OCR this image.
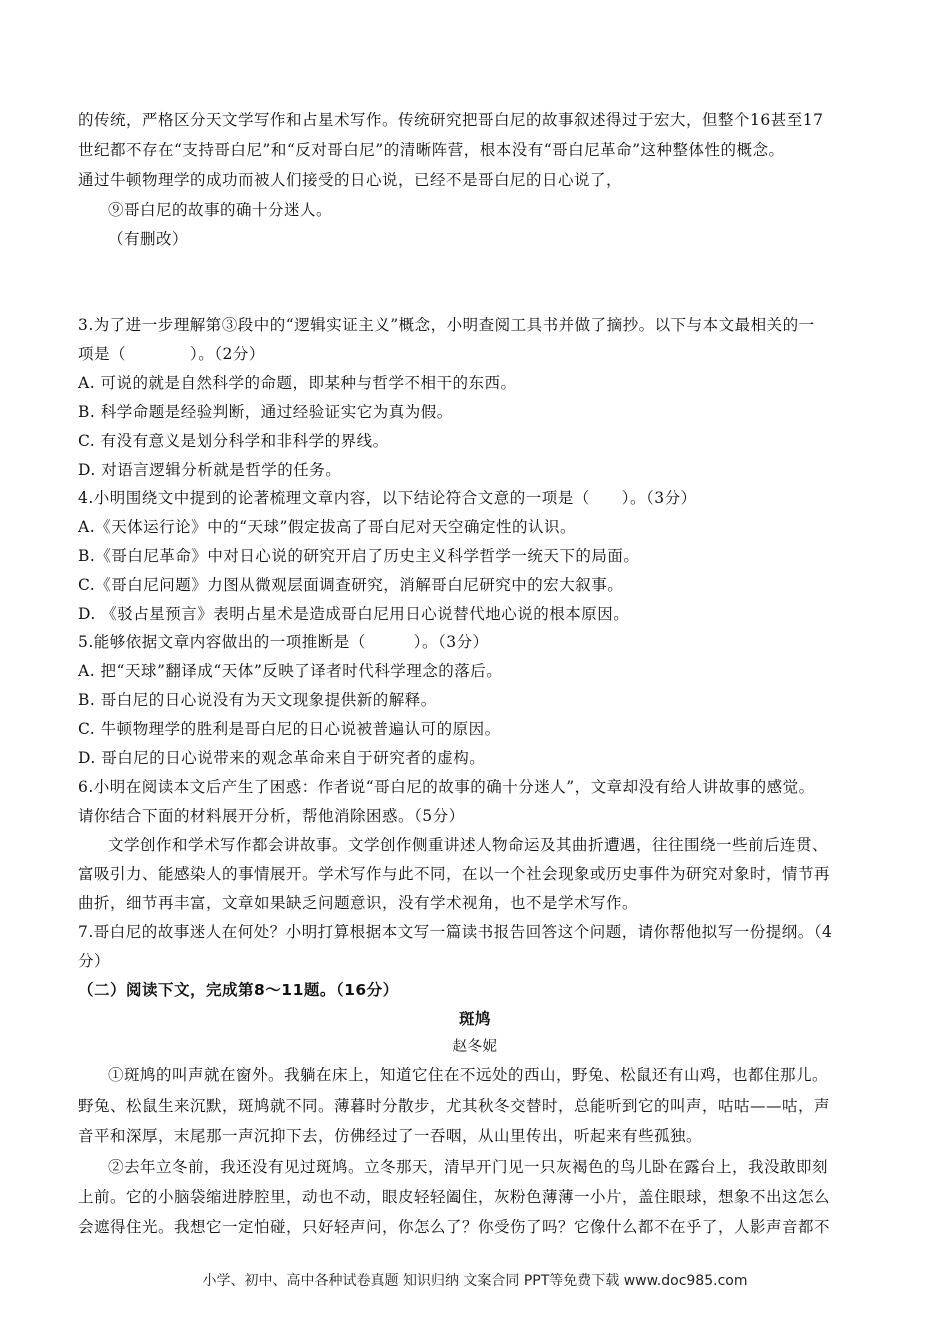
的传统，严格区分天文学写作和占星术写作。传统研究把哥白尼的故事叙述得过于宏大，但整个16甚至17
世纪都不存在“支持哥白尼”和“反对哥白尼”的清晰阵营，根本没有“哥白尼革命”这种整体性的概念。
通过牛顿物理学的成功而被人们接受的日心说，已经不是哥白尼的日心说了，
⑨哥白尼的故事的确十分迷人。
（有删改）
3.为了进一步理解第③段中的“逻辑实证主义”概念，小明查阅工具书并做了摘抄。以下与本文最相关的一
项是（　　　　）。（2分）
A. 可说的就是自然科学的命题，即某种与哲学不相干的东西。
B. 科学命题是经验判断，通过经验证实它为真为假。
C. 有没有意义是划分科学和非科学的界线。
D. 对语言逻辑分析就是哲学的任务。
4.小明围绕文中提到的论著梳理文章内容，以下结论符合文意的一项是（　　）。（3分）
A.《天体运行论》中的“天球”假定拔高了哥白尼对天空确定性的认识。
B.《哥白尼革命》中对日心说的研究开启了历史主义科学哲学一统天下的局面。
C.《哥白尼问题》力图从微观层面调查研究，消解哥白尼研究中的宏大叙事。
D. 《驳占星预言》表明占星术是造成哥白尼用日心说替代地心说的根本原因。
5.能够依据文章内容做出的一项推断是（　　　）。（3分）
A. 把“天球”翻译成“天体”反映了译者时代科学理念的落后。
B. 哥白尼的日心说没有为天文现象提供新的解释。
C. 牛顿物理学的胜利是哥白尼的日心说被普遍认可的原因。
D. 哥白尼的日心说带来的观念革命来自于研究者的虚构。
6.小明在阅读本文后产生了困惑：作者说“哥白尼的故事的确十分迷人”，文章却没有给人讲故事的感觉。
请你结合下面的材料展开分析，帮他消除困惑。（5分）
文学创作和学术写作都会讲故事。文学创作侧重讲述人物命运及其曲折遭遇，往往围绕一些前后连贯、
富吸引力、能感染人的事情展开。学术写作与此不同，在以一个社会现象或历史事件为研究对象时，情节再
曲折，细节再丰富，文章如果缺乏问题意识，没有学术视角，也不是学术写作。
7.哥白尼的故事迷人在何处？小明打算根据本文写一篇读书报告回答这个问题，请你帮他拟写一份提纲。（4
分）
（二）阅读下文，完成第8～11题。（16分）
斑鸠
赵冬妮
①斑鸠的叫声就在窗外。我躺在床上，知道它住在不远处的西山，野兔、松鼠还有山鸡，也都住那儿。
野兔、松鼠生来沉默，斑鸠就不同。薄暮时分散步，尤其秋冬交替时，总能听到它的叫声，咕咕——咕，声
音平和深厚，末尾那一声沉抑下去，仿佛经过了一吞咽，从山里传出，听起来有些孤独。
②去年立冬前，我还没有见过斑鸠。立冬那天，清早开门见一只灰褐色的鸟儿卧在露台上，我没敢即刻
上前。它的小脑袋缩进脖腔里，动也不动，眼皮轻轻阖住，灰粉色薄薄一小片，盖住眼球，想象不出这怎么
会遮得住光。我想它一定怕碰，只好轻声问，你怎么了？你受伤了吗？它像什么都不在乎了，人影声音都不
小学、初中、高中各种试卷真题 知识归纳 文案合同 PPT等免费下载 www.doc985.com
